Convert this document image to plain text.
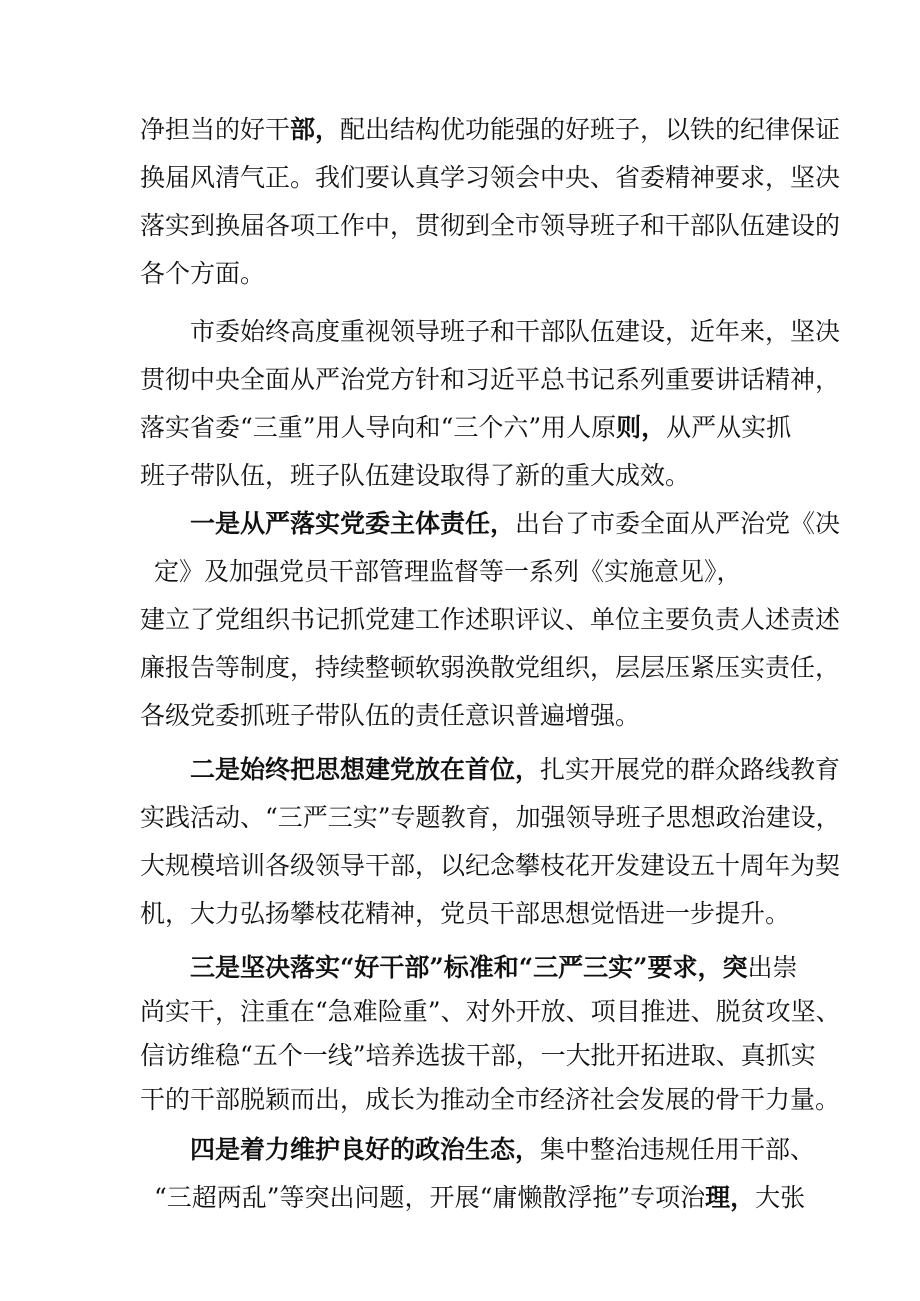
净担当的好干部，配出结构优功能强的好班子，以铁的纪律保证
换届风清气正。我们要认真学习领会中央、省委精神要求，坚决
落实到换届各项工作中，贯彻到全市领导班子和干部队伍建设的
各个方面。
市委始终高度重视领导班子和干部队伍建设，近年来，坚决
贯彻中央全面从严治党方针和习近平总书记系列重要讲话精神，
落实省委“三重”用人导向和“三个六”用人原则，从严从实抓
班子带队伍，班子队伍建设取得了新的重大成效。
一是从严落实党委主体责任，出台了市委全面从严治党《决
定》及加强党员干部管理监督等一系列《实施意见》，
建立了党组织书记抓党建工作述职评议、单位主要负责人述责述
廉报告等制度，持续整顿软弱涣散党组织，层层压紧压实责任，
各级党委抓班子带队伍的责任意识普遍增强。
二是始终把思想建党放在首位，扎实开展党的群众路线教育
实践活动、“三严三实”专题教育，加强领导班子思想政治建设，
大规模培训各级领导干部，以纪念攀枝花开发建设五十周年为契
机，大力弘扬攀枝花精神，党员干部思想觉悟进一步提升。
三是坚决落实“好干部”标准和“三严三实”要求，突出崇
尚实干，注重在“急难险重”、对外开放、项目推进、脱贫攻坚、
信访维稳“五个一线”培养选拔干部，一大批开拓进取、真抓实
干的干部脱颖而出，成长为推动全市经济社会发展的骨干力量。
四是着力维护良好的政治生态，集中整治违规任用干部、
“三超两乱”等突出问题，开展“庸懒散浮拖”专项治理，大张
